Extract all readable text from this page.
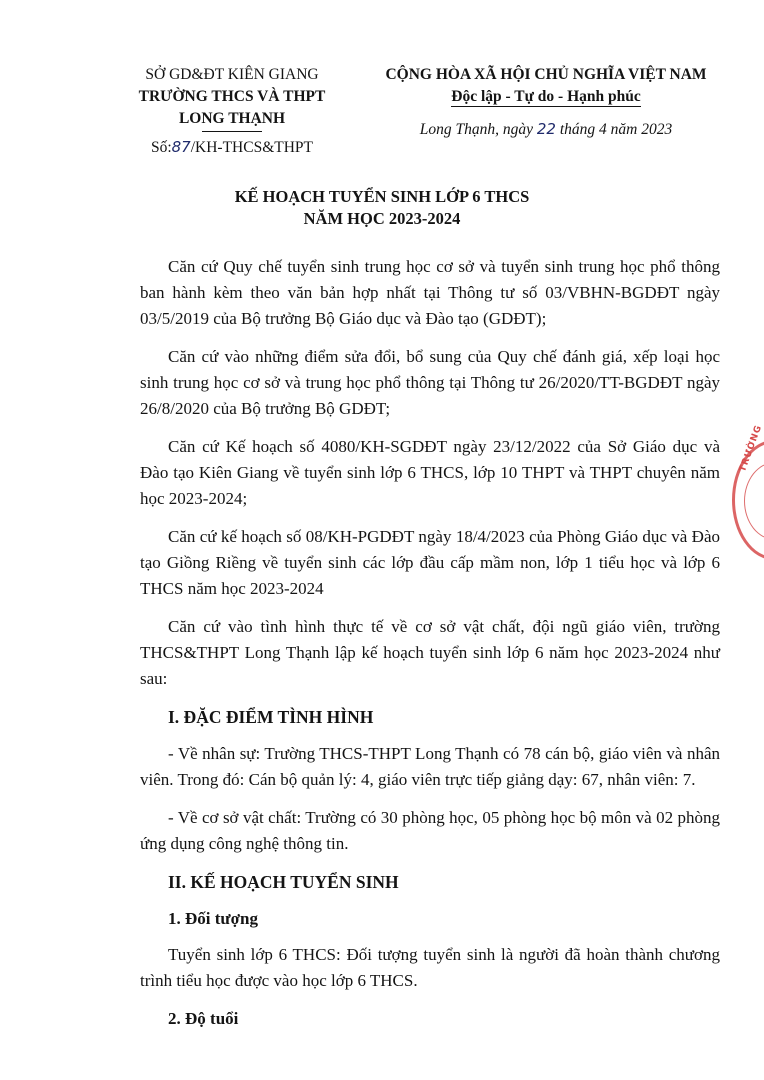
SỞ GD&ĐT KIÊN GIANG
TRƯỜNG THCS VÀ THPT
LONG THẠNH
Số:87/KH-THCS&THPT
CỘNG HÒA XÃ HỘI CHỦ NGHĨA VIỆT NAM
Độc lập - Tự do - Hạnh phúc
Long Thạnh, ngày 22 tháng 4 năm 2023
KẾ HOẠCH TUYỂN SINH LỚP 6 THCS
NĂM HỌC 2023-2024

Căn cứ Quy chế tuyển sinh trung học cơ sở và tuyển sinh trung học phổ thông ban hành kèm theo văn bản hợp nhất tại Thông tư số 03/VBHN-BGDĐT ngày 03/5/2019 của Bộ trưởng Bộ Giáo dục và Đào tạo (GDĐT);

Căn cứ vào những điểm sửa đổi, bổ sung của Quy chế đánh giá, xếp loại học sinh trung học cơ sở và trung học phổ thông tại Thông tư 26/2020/TT-BGDĐT ngày 26/8/2020 của Bộ trưởng Bộ GDĐT;

Căn cứ Kế hoạch số 4080/KH-SGDĐT ngày 23/12/2022 của Sở Giáo dục và Đào tạo Kiên Giang về tuyển sinh lớp 6 THCS, lớp 10 THPT và THPT chuyên năm học 2023-2024;

Căn cứ kế hoạch số 08/KH-PGDĐT ngày 18/4/2023 của Phòng Giáo dục và Đào tạo Giồng Riềng về tuyển sinh các lớp đầu cấp mầm non, lớp 1 tiểu học và lớp 6 THCS năm học 2023-2024

Căn cứ vào tình hình thực tế về cơ sở vật chất, đội ngũ giáo viên, trường THCS&THPT Long Thạnh lập kế hoạch tuyển sinh lớp 6 năm học 2023-2024 như sau:

I. ĐẶC ĐIỂM TÌNH HÌNH

- Về nhân sự: Trường THCS-THPT Long Thạnh có 78 cán bộ, giáo viên và nhân viên. Trong đó: Cán bộ quản lý: 4, giáo viên trực tiếp giảng dạy: 67, nhân viên: 7.

- Về cơ sở vật chất: Trường có 30 phòng học, 05 phòng học bộ môn và 02 phòng ứng dụng công nghệ thông tin.

II. KẾ HOẠCH TUYỂN SINH
1. Đối tượng

Tuyển sinh lớp 6 THCS: Đối tượng tuyển sinh là người đã hoàn thành chương trình tiểu học được vào học lớp 6 THCS.

2. Độ tuổi
TRƯỜNG
